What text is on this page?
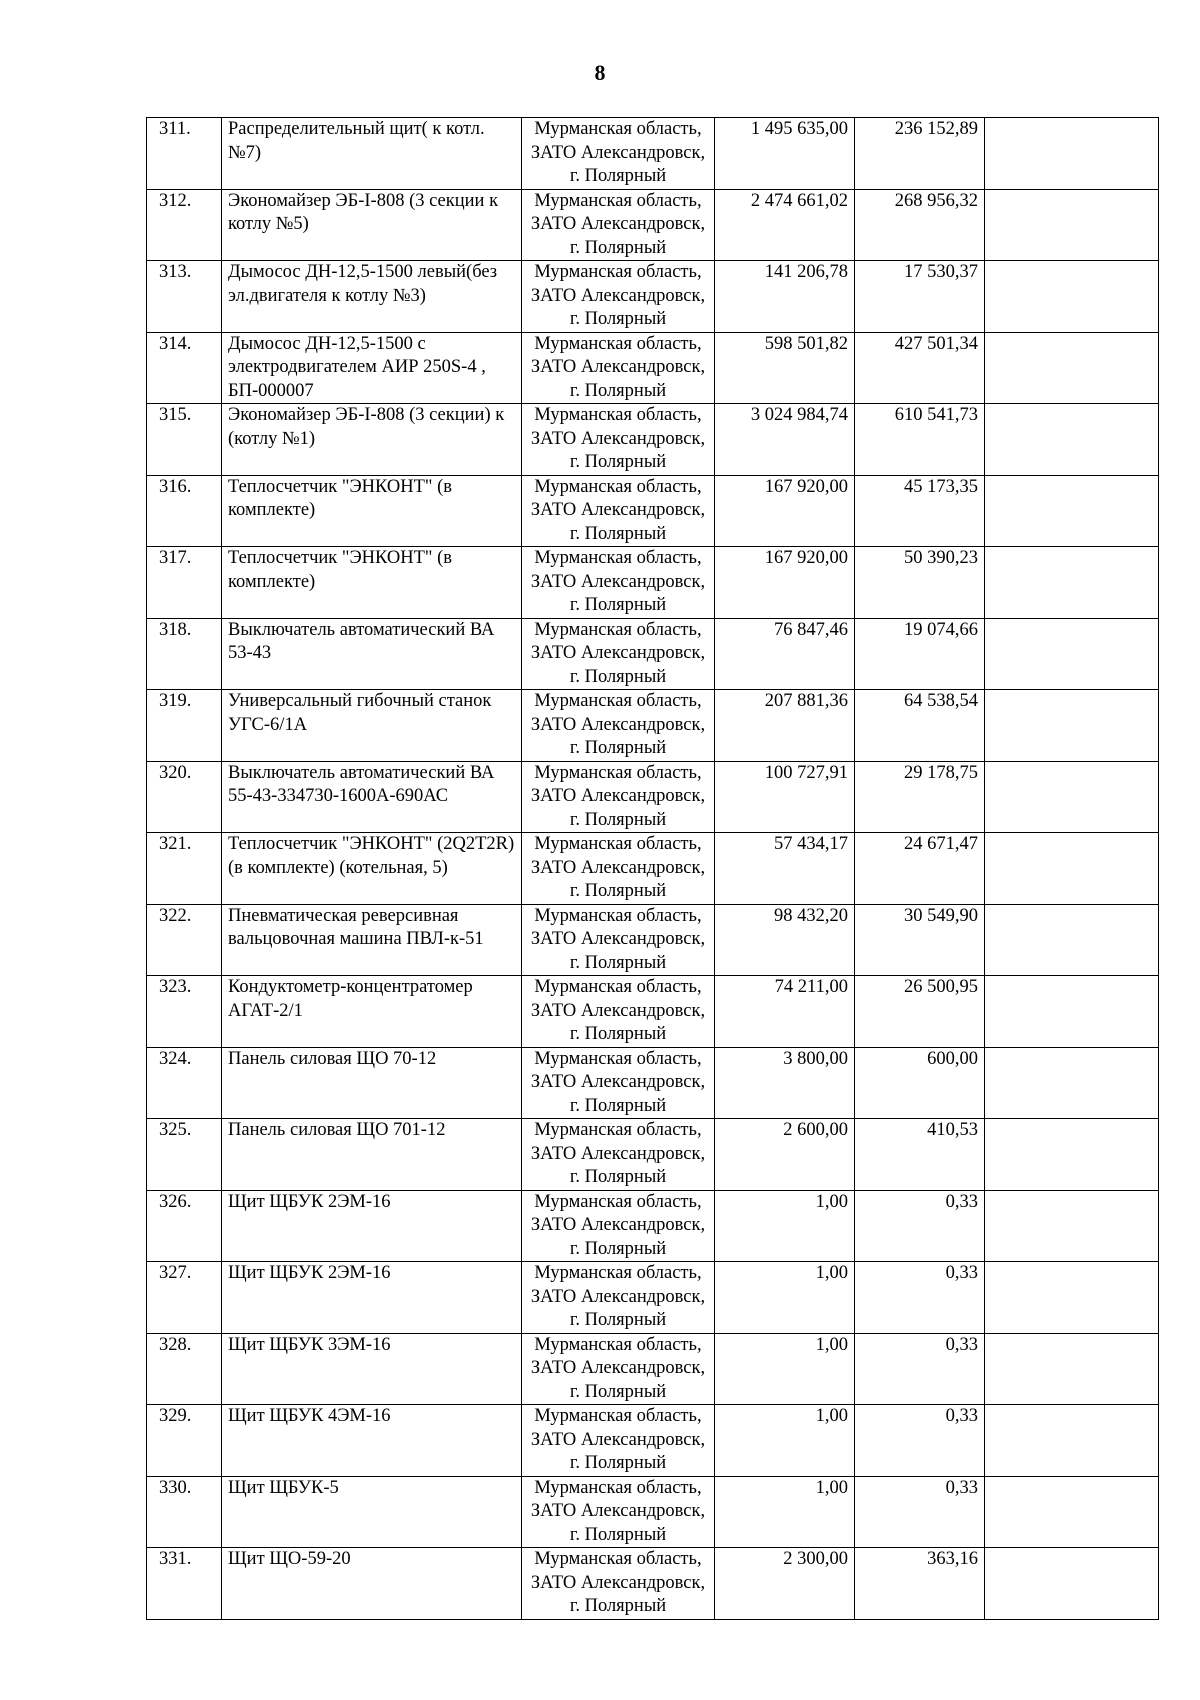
8
311.	Распределительный щит( к котл.№7)	Мурманская область,
ЗАТО Александровск,
г. Полярный	1 495 635,00	236 152,89	
312.	Экономайзер ЭБ-I-808 (3 секции к котлу №5)	Мурманская область,
ЗАТО Александровск,
г. Полярный	2 474 661,02	268 956,32	
313.	Дымосос ДН-12,5-1500 левый(без эл.двигателя к котлу №3)	Мурманская область,
ЗАТО Александровск,
г. Полярный	141 206,78	17 530,37	
314.	Дымосос ДН-12,5-1500 с электродвигателем АИР 250S-4 , БП-000007	Мурманская область,
ЗАТО Александровск,
г. Полярный	598 501,82	427 501,34	
315.	Экономайзер ЭБ-I-808 (3 секции) к (котлу №1)	Мурманская область,
ЗАТО Александровск,
г. Полярный	3 024 984,74	610 541,73	
316.	Теплосчетчик "ЭНКОНТ" (в комплекте)	Мурманская область,
ЗАТО Александровск,
г. Полярный	167 920,00	45 173,35	
317.	Теплосчетчик "ЭНКОНТ" (в комплекте)	Мурманская область,
ЗАТО Александровск,
г. Полярный	167 920,00	50 390,23	
318.	Выключатель автоматический ВА 53-43	Мурманская область,
ЗАТО Александровск,
г. Полярный	76 847,46	19 074,66	
319.	Универсальный гибочный станок УГС-6/1А	Мурманская область,
ЗАТО Александровск,
г. Полярный	207 881,36	64 538,54	
320.	Выключатель автоматический ВА 55-43-334730-1600А-690АС	Мурманская область,
ЗАТО Александровск,
г. Полярный	100 727,91	29 178,75	
321.	Теплосчетчик "ЭНКОНТ" (2Q2T2R) (в комплекте) (котельная, 5)	Мурманская область,
ЗАТО Александровск,
г. Полярный	57 434,17	24 671,47	
322.	Пневматическая реверсивная вальцовочная машина ПВЛ-к-51	Мурманская область,
ЗАТО Александровск,
г. Полярный	98 432,20	30 549,90	
323.	Кондуктометр-концентратомер АГАТ-2/1	Мурманская область,
ЗАТО Александровск,
г. Полярный	74 211,00	26 500,95	
324.	Панель силовая ЩО 70-12	Мурманская область,
ЗАТО Александровск,
г. Полярный	3 800,00	600,00	
325.	Панель силовая ЩО 701-12	Мурманская область,
ЗАТО Александровск,
г. Полярный	2 600,00	410,53	
326.	Щит ЩБУК 2ЭМ-16	Мурманская область,
ЗАТО Александровск,
г. Полярный	1,00	0,33	
327.	Щит ЩБУК 2ЭМ-16	Мурманская область,
ЗАТО Александровск,
г. Полярный	1,00	0,33	
328.	Щит ЩБУК 3ЭМ-16	Мурманская область,
ЗАТО Александровск,
г. Полярный	1,00	0,33	
329.	Щит ЩБУК 4ЭМ-16	Мурманская область,
ЗАТО Александровск,
г. Полярный	1,00	0,33	
330.	Щит ЩБУК-5	Мурманская область,
ЗАТО Александровск,
г. Полярный	1,00	0,33	
331.	Щит ЩО-59-20	Мурманская область,
ЗАТО Александровск,
г. Полярный	2 300,00	363,16	
